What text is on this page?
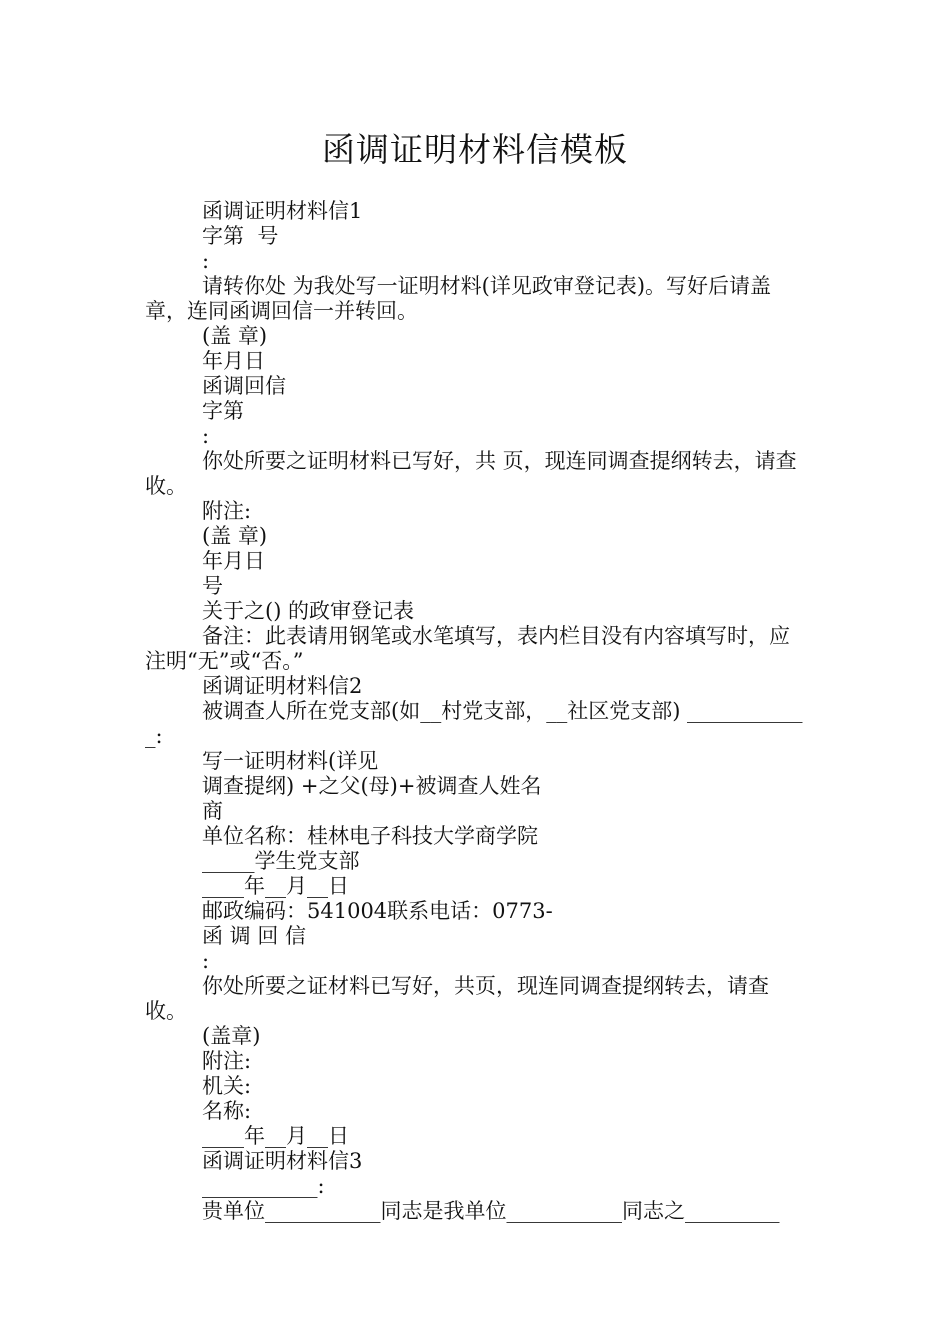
函调证明材料信模板

函调证明材料信1

字第  号

:

请转你处 为我处写一证明材料(详见政审登记表)。写好后请盖章，连同函调回信一并转回。

(盖 章)

年月日

函调回信

字第

:

你处所要之证明材料已写好，共 页，现连同调查提纲转去，请查收。

附注:

(盖 章)

年月日

号

关于之() 的政审登记表

备注：此表请用钢笔或水笔填写，表内栏目没有内容填写时，应注明“无”或“否。”

函调证明材料信2

被调查人所在党支部(如__村党支部，__社区党支部) ____________:

写一证明材料(详见

调查提纲) +之父(母)+被调查人姓名

商

单位名称：桂林电子科技大学商学院

_____学生党支部

____年__月__日

邮政编码：541004联系电话：0773-

函 调 回 信

:

你处所要之证材料已写好，共页，现连同调查提纲转去，请查收。

(盖章)

附注:

机关:

名称:

____年__月__日

函调证明材料信3

___________:

贵单位___________同志是我单位___________同志之_________
